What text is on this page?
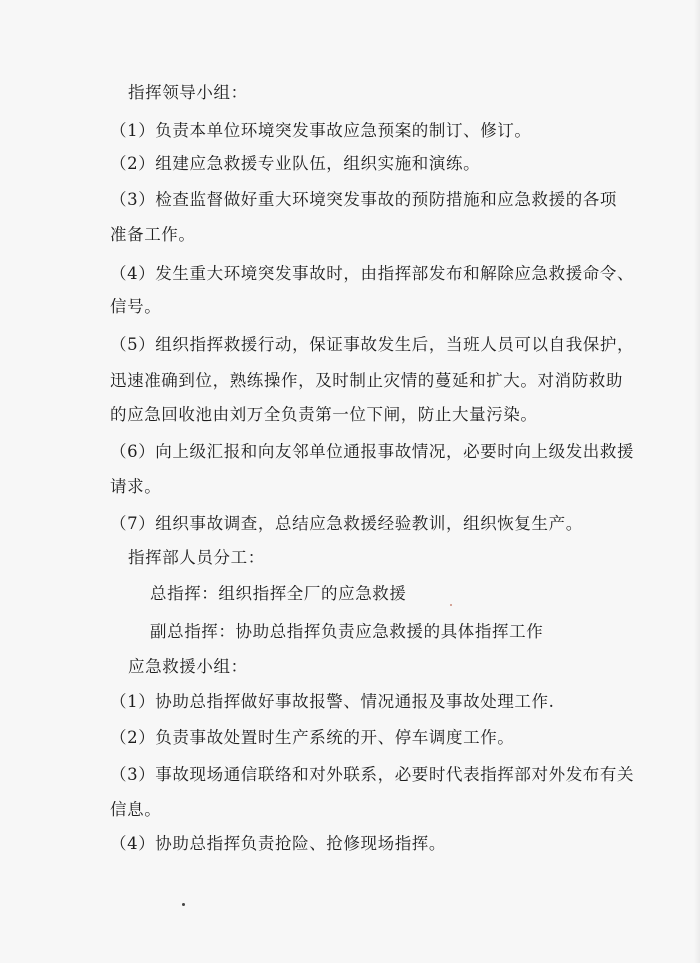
指挥领导小组：
（1）负责本单位环境突发事故应急预案的制订、修订。
（2）组建应急救援专业队伍，组织实施和演练。
（3）检查监督做好重大环境突发事故的预防措施和应急救援的各项
准备工作。
（4）发生重大环境突发事故时，由指挥部发布和解除应急救援命令、
信号。
（5）组织指挥救援行动，保证事故发生后，当班人员可以自我保护，
迅速准确到位，熟练操作，及时制止灾情的蔓延和扩大。对消防救助
的应急回收池由刘万全负责第一位下闸，防止大量污染。
（6）向上级汇报和向友邻单位通报事故情况，必要时向上级发出救援
请求。
（7）组织事故调查，总结应急救援经验教训，组织恢复生产。
指挥部人员分工：
总指挥：组织指挥全厂的应急救援
副总指挥：协助总指挥负责应急救援的具体指挥工作
应急救援小组：
（1）协助总指挥做好事故报警、情况通报及事故处理工作.
（2）负责事故处置时生产系统的开、停车调度工作。
（3）事故现场通信联络和对外联系，必要时代表指挥部对外发布有关
信息。
（4）协助总指挥负责抢险、抢修现场指挥。
